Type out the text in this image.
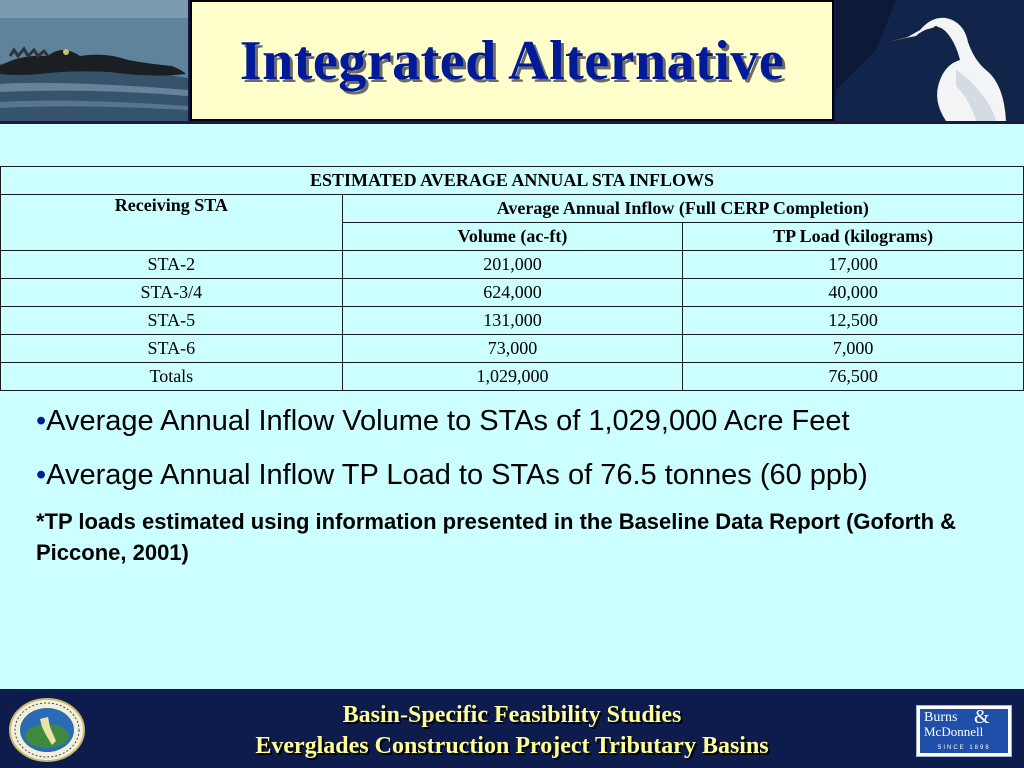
Integrated Alternative
ESTIMATED AVERAGE ANNUAL STA INFLOWS		
Receiving STA	Average Annual Inflow (Full CERP Completion)	
	Volume (ac-ft)	TP Load (kilograms)
STA-2	201,000	17,000
STA-3/4	624,000	40,000
STA-5	131,000	12,500
STA-6	73,000	7,000
Totals	1,029,000	76,500

•Average Annual Inflow Volume to STAs of 1,029,000 Acre Feet

•Average Annual Inflow TP Load to STAs of 76.5 tonnes (60 ppb)

*TP loads estimated using information presented in the Baseline Data Report (Goforth & Piccone, 2001)

Basin-Specific Feasibility Studies
Everglades Construction Project Tributary Basins
Burns &
McDonnell
SINCE 1898
